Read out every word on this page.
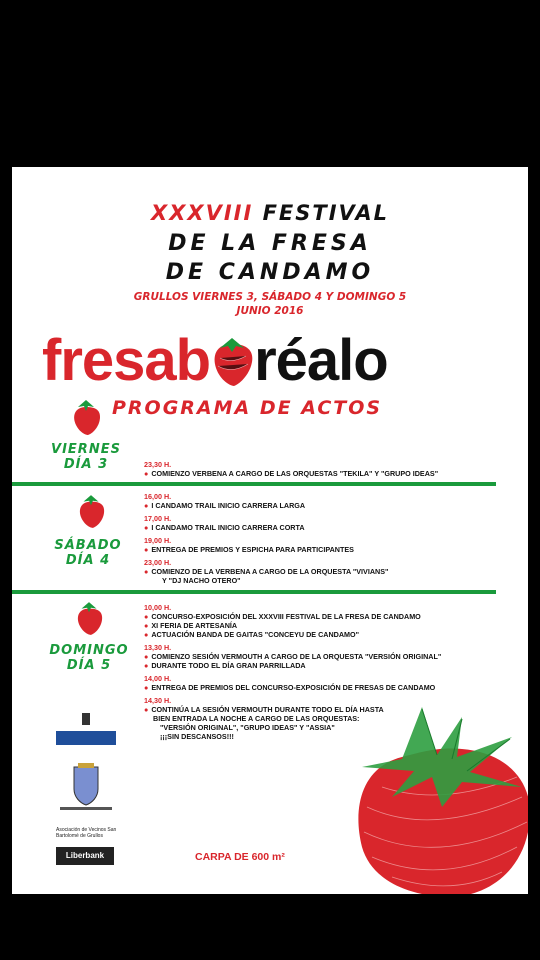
XXXVIII FESTIVAL
DE LA FRESA
DE CANDAMO
GRULLOS VIERNES 3, SÁBADO 4 Y DOMINGO 5
JUNIO 2016
fresab réalo
PROGRAMA DE ACTOS
VIERNES
DÍA 3	23,30 H.
● COMIENZO VERBENA A CARGO DE LAS ORQUESTAS "TEKILA" Y "GRUPO IDEAS"
SÁBADO
DÍA 4
16,00 H.
● I CANDAMO TRAIL INICIO CARRERA LARGA
17,00 H.
● I CANDAMO TRAIL INICIO CARRERA CORTA
19,00 H.
● ENTREGA DE PREMIOS Y ESPICHA PARA PARTICIPANTES
23,00 H.
● COMIENZO DE LA VERBENA A CARGO DE LA ORQUESTA "VIVIANS"
Y "DJ NACHO OTERO"
DOMINGO
DÍA 5
10,00 H.
● CONCURSO-EXPOSICIÓN DEL XXXVIII FESTIVAL DE LA FRESA DE CANDAMO
● XI FERIA DE ARTESANÍA
● ACTUACIÓN BANDA DE GAITAS "CONCEYU DE CANDAMO"
13,30 H.
● COMIENZO SESIÓN VERMOUTH A CARGO DE LA ORQUESTA "VERSIÓN ORIGINAL"
● DURANTE TODO EL DÍA GRAN PARRILLADA
14,00 H.
● ENTREGA DE PREMIOS DEL CONCURSO-EXPOSICIÓN DE FRESAS DE CANDAMO
14,30 H.
● CONTINÚA LA SESIÓN VERMOUTH DURANTE TODO EL DÍA HASTA
BIEN ENTRADA LA NOCHE A CARGO DE LAS ORQUESTAS:
"VERSIÓN ORIGINAL", "GRUPO IDEAS" Y "ASSIA"
¡¡¡SIN DESCANSOS!!!
Asociación de Vecinos San Bartolomé de Grullos
Liberbank	CARPA DE 600 m²
